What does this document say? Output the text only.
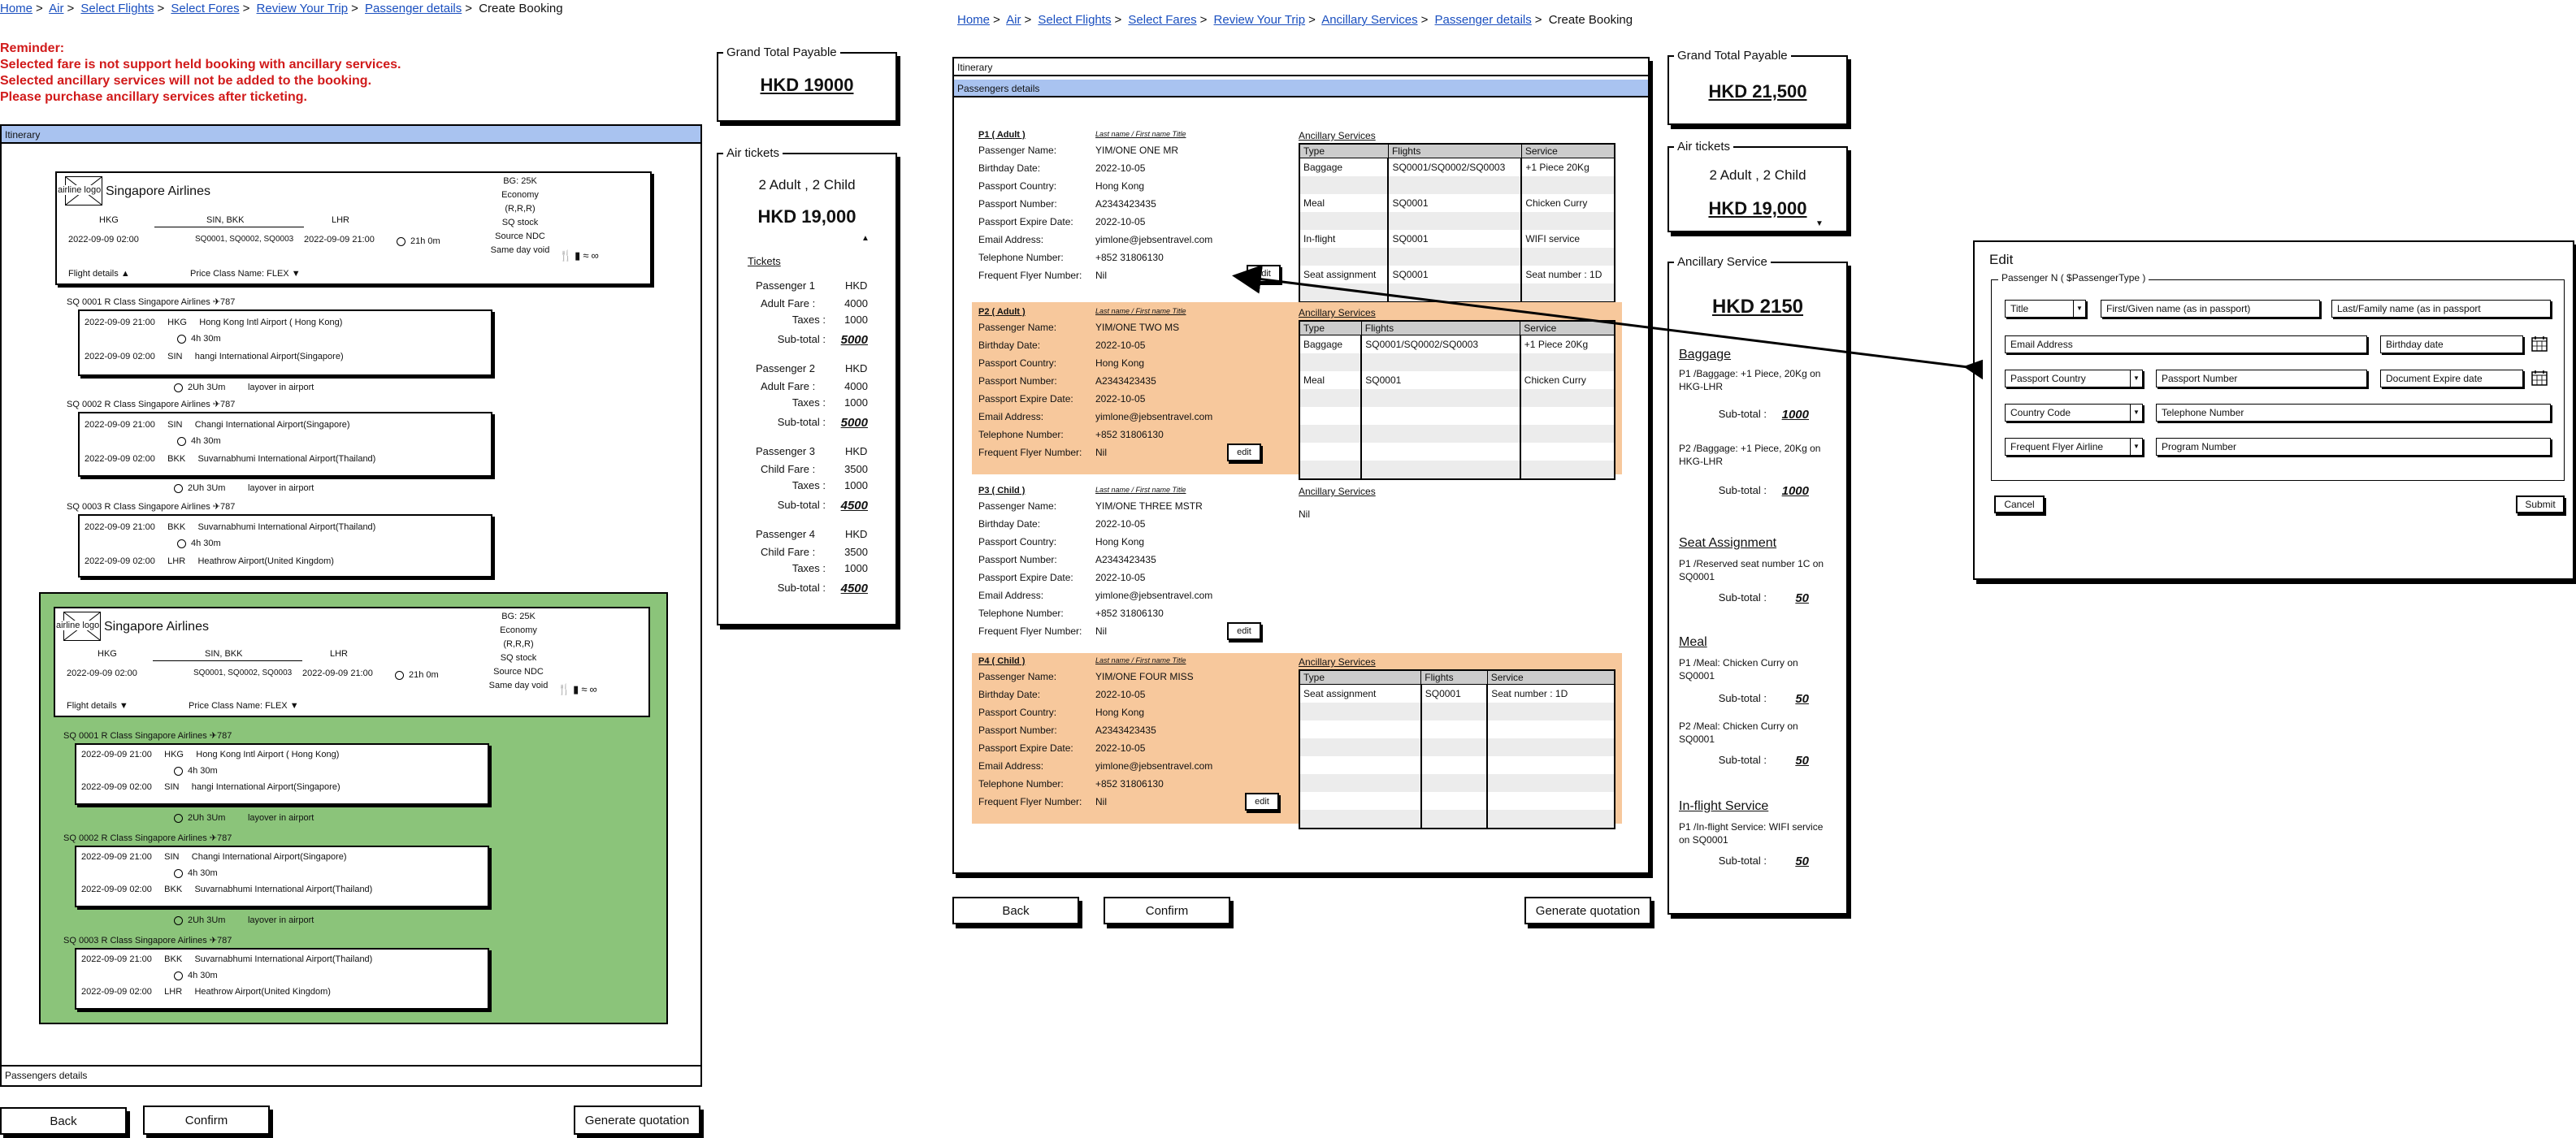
Home > Air > Select Flights > Select Fores > Review Your Trip > Passenger details > Create Booking
Reminder:
Selected fare is not support held booking with ancillary services.
Selected ancillary services will not be added to the booking.
Please purchase ancillary services after ticketing.
Itinerary
airline logo Singapore Airlines
HKG	SIN, BKK	LHR
2022-09-09 02:00	SQ0001, SQ0002, SQ0003 2022-09-09 21:00	21h 0m
BG: 25K
Economy
(R,R,R)
SQ stock
Source NDC
Same day void 🍴▮≈∞
Flight details ▲	Price Class Name: FLEX ▼
SQ 0001 R Class Singapore Airlines ✈787
2022-09-09 21:00 HKG Hong Kong Intl Airport ( Hong Kong)
4h 30m
2022-09-09 02:00 SIN hangi International Airport(Singapore)
2Uh 3Um	layover in airport
SQ 0002 R Class Singapore Airlines ✈787
2022-09-09 21:00 SIN Changi International Airport(Singapore)
4h 30m
2022-09-09 02:00 BKK Suvarnabhumi International Airport(Thailand)
2Uh 3Um	layover in airport
SQ 0003 R Class Singapore Airlines ✈787
2022-09-09 21:00 BKK Suvarnabhumi International Airport(Thailand)
4h 30m
2022-09-09 02:00 LHR Heathrow Airport(United Kingdom)
airline logo Singapore Airlines
HKG	SIN, BKK	LHR
2022-09-09 02:00	SQ0001, SQ0002, SQ0003 2022-09-09 21:00	21h 0m
BG: 25K
Economy
(R,R,R)
SQ stock
Source NDC
Same day void 🍴▮≈∞
Flight details ▼	Price Class Name: FLEX ▼
SQ 0001 R Class Singapore Airlines ✈787
2022-09-09 21:00 HKG Hong Kong Intl Airport ( Hong Kong)
4h 30m
2022-09-09 02:00 SIN hangi International Airport(Singapore)
2Uh 3Um	layover in airport
SQ 0002 R Class Singapore Airlines ✈787
2022-09-09 21:00 SIN Changi International Airport(Singapore)
4h 30m
2022-09-09 02:00 BKK Suvarnabhumi International Airport(Thailand)
2Uh 3Um	layover in airport
SQ 0003 R Class Singapore Airlines ✈787
2022-09-09 21:00 BKK Suvarnabhumi International Airport(Thailand)
4h 30m
2022-09-09 02:00 LHR Heathrow Airport(United Kingdom)
Passengers details
Back	Confirm	Generate quotation
Grand Total Payable
HKD 19000
Air tickets
2 Adult , 2 Child
HKD 19,000
▲
Tickets
Passenger 1	HKD
Adult Fare :	4000
Taxes :	1000
Sub-total :	5000
Passenger 2	HKD
Adult Fare :	4000
Taxes :	1000
Sub-total :	5000
Passenger 3	HKD
Child Fare :	3500
Taxes :	1000
Sub-total :	4500
Passenger 4	HKD
Child Fare :	3500
Taxes :	1000
Sub-total :	4500
Home > Air > Select Flights > Select Fares > Review Your Trip > Ancillary Services > Passenger details > Create Booking
Itinerary
Passengers details
P1 ( Adult )	Last name / First name Title
Passenger Name:	YIM/ONE ONE MR
Birthday Date:	2022-10-05
Passport Country:	Hong Kong
Passport Number:	A2343423435
Passport Expire Date: 2022-10-05
Email Address:	yimlone@jebsentravel.com
Telephone Number:	+852 31806130
Frequent Flyer Number: Nil	edit
Ancillary Services
Type	Flights	Service
Baggage	SQ0001/SQ0002/SQ0003	+1 Piece 20Kg

Meal	SQ0001	Chicken Curry

In-flight	SQ0001	WIFI service

Seat assignment	SQ0001	Seat number : 1D

P2 ( Adult )	Last name / First name Title
Passenger Name:	YIM/ONE TWO MS
Birthday Date:	2022-10-05
Passport Country:	Hong Kong
Passport Number:	A2343423435
Passport Expire Date: 2022-10-05
Email Address:	yimlone@jebsentravel.com
Telephone Number:	+852 31806130
Frequent Flyer Number: Nil	edit
Ancillary Services
Type	Flights	Service
Baggage	SQ0001/SQ0002/SQ0003	+1 Piece 20Kg

Meal	SQ0001	Chicken Curry

P3 ( Child )	Last name / First name Title
Passenger Name:	YIM/ONE THREE MSTR
Birthday Date:	2022-10-05
Passport Country:	Hong Kong
Passport Number:	A2343423435
Passport Expire Date: 2022-10-05
Email Address:	yimlone@jebsentravel.com
Telephone Number:	+852 31806130
Frequent Flyer Number: Nil	edit
Ancillary Services
Nil
P4 ( Child )	Last name / First name Title
Passenger Name:	YIM/ONE FOUR MISS
Birthday Date:	2022-10-05
Passport Country:	Hong Kong
Passport Number:	A2343423435
Passport Expire Date: 2022-10-05
Email Address:	yimlone@jebsentravel.com
Telephone Number:	+852 31806130
Frequent Flyer Number: Nil	edit
Ancillary Services
Type	Flights	Service
Seat assignment	SQ0001	Seat number : 1D

Back	Confirm	Generate quotation
Grand Total Payable
HKD 21,500
Air tickets
2 Adult , 2 Child
HKD 19,000
▼
Ancillary Service
HKD 2150
Baggage
P1 /Baggage: +1 Piece, 20Kg on HKG-LHR
Sub-total :	1000
P2 /Baggage: +1 Piece, 20Kg on HKG-LHR
Sub-total :	1000
Seat Assignment
P1 /Reserved seat number 1C on SQ0001
Sub-total :	50
Meal
P1 /Meal: Chicken Curry on SQ0001
Sub-total :	50
P2 /Meal: Chicken Curry on SQ0001
Sub-total :	50
In-flight Service
P1 /In-flight Service: WIFI service on SQ0001
Sub-total :	50
Edit
Passenger N ( $PassengerType )
Title	▼	First/Given name (as in passport)	Last/Family name (as in passport
Email Address	Birthday date
Passport Country	▼	Passport Number	Document Expire date
Country Code	▼	Telephone Number
Frequent Flyer Airline	▼	Program Number
Cancel	Submit
